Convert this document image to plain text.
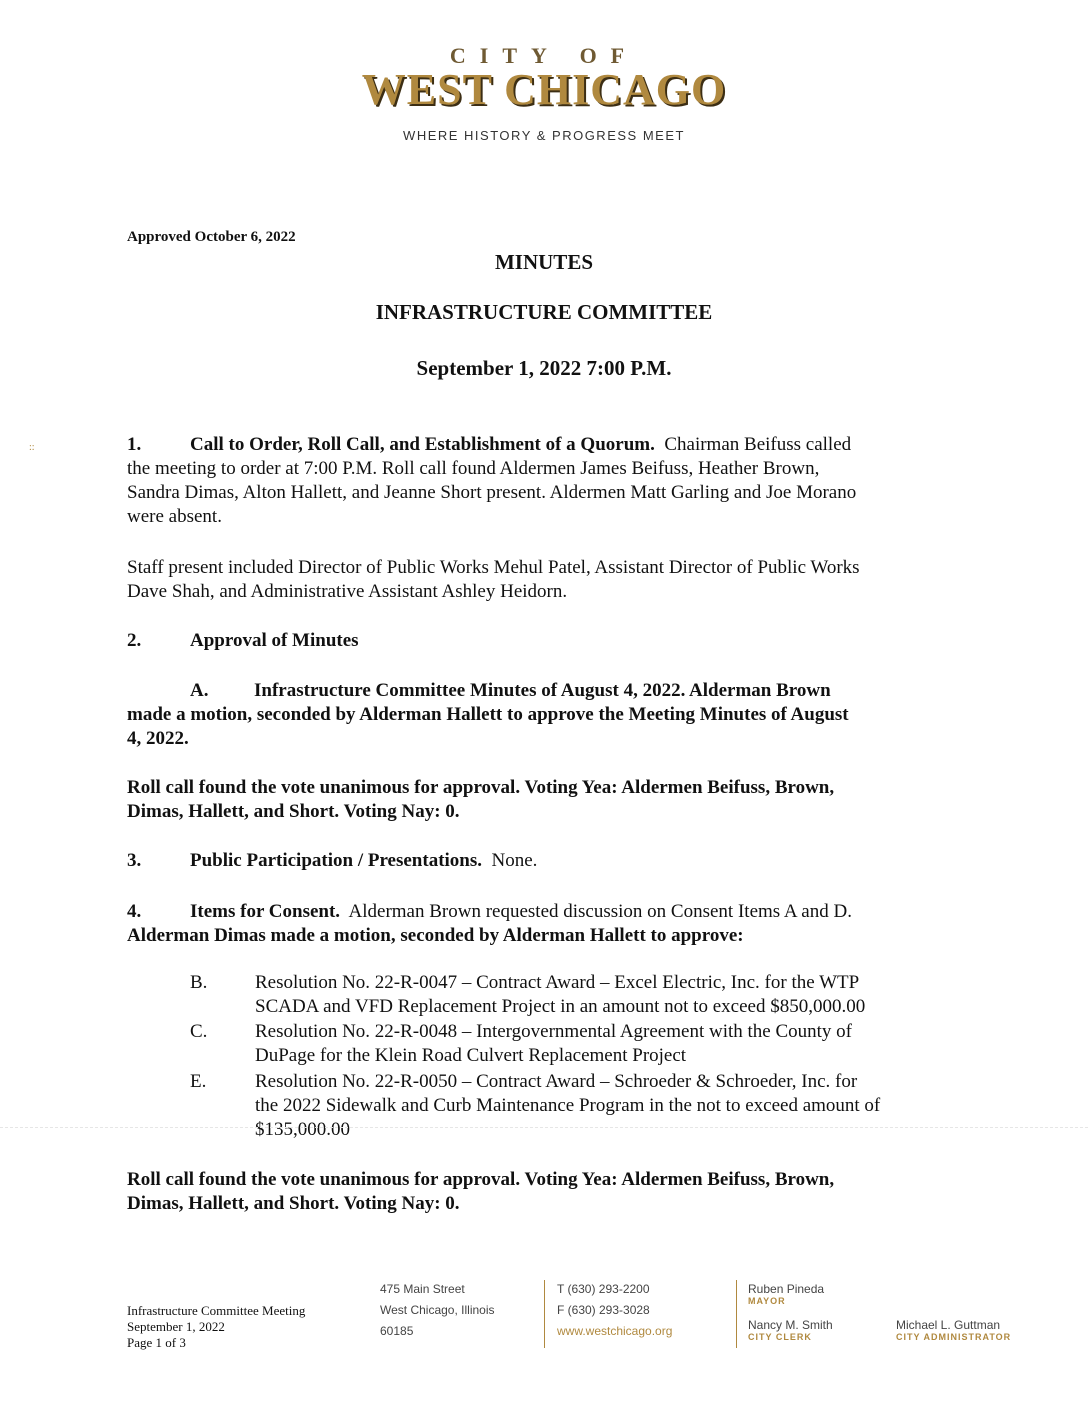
CITY OF
WEST CHICAGO
WHERE HISTORY & PROGRESS MEET
Approved October 6, 2022
MINUTES
INFRASTRUCTURE COMMITTEE
September 1, 2022 7:00 P.M.
::	1.	Call to Order, Roll Call, and Establishment of a Quorum. Chairman Beifuss called
the meeting to order at 7:00 P.M. Roll call found Aldermen James Beifuss, Heather Brown,
Sandra Dimas, Alton Hallett, and Jeanne Short present. Aldermen Matt Garling and Joe Morano
were absent.
Staff present included Director of Public Works Mehul Patel, Assistant Director of Public Works
Dave Shah, and Administrative Assistant Ashley Heidorn.
2.	Approval of Minutes
A. Infrastructure Committee Minutes of August 4, 2022. Alderman Brown
made a motion, seconded by Alderman Hallett to approve the Meeting Minutes of August
4, 2022.
Roll call found the vote unanimous for approval. Voting Yea: Aldermen Beifuss, Brown,
Dimas, Hallett, and Short. Voting Nay: 0.
3.	Public Participation / Presentations. None.
4.	Items for Consent. Alderman Brown requested discussion on Consent Items A and D.
Alderman Dimas made a motion, seconded by Alderman Hallett to approve:
B.	Resolution No. 22-R-0047 – Contract Award – Excel Electric, Inc. for the WTP
SCADA and VFD Replacement Project in an amount not to exceed $850,000.00
C.	Resolution No. 22-R-0048 – Intergovernmental Agreement with the County of
DuPage for the Klein Road Culvert Replacement Project
E.	Resolution No. 22-R-0050 – Contract Award – Schroeder & Schroeder, Inc. for
the 2022 Sidewalk and Curb Maintenance Program in the not to exceed amount of
$135,000.00
Roll call found the vote unanimous for approval. Voting Yea: Aldermen Beifuss, Brown,
Dimas, Hallett, and Short. Voting Nay: 0.
Infrastructure Committee Meeting
September 1, 2022
Page 1 of 3
475 Main Street
West Chicago, Illinois
60185
T (630) 293-2200
F (630) 293-3028
www.westchicago.org
Ruben Pineda
MAYOR
Nancy M. Smith
CITY CLERK
Michael L. Guttman
CITY ADMINISTRATOR
